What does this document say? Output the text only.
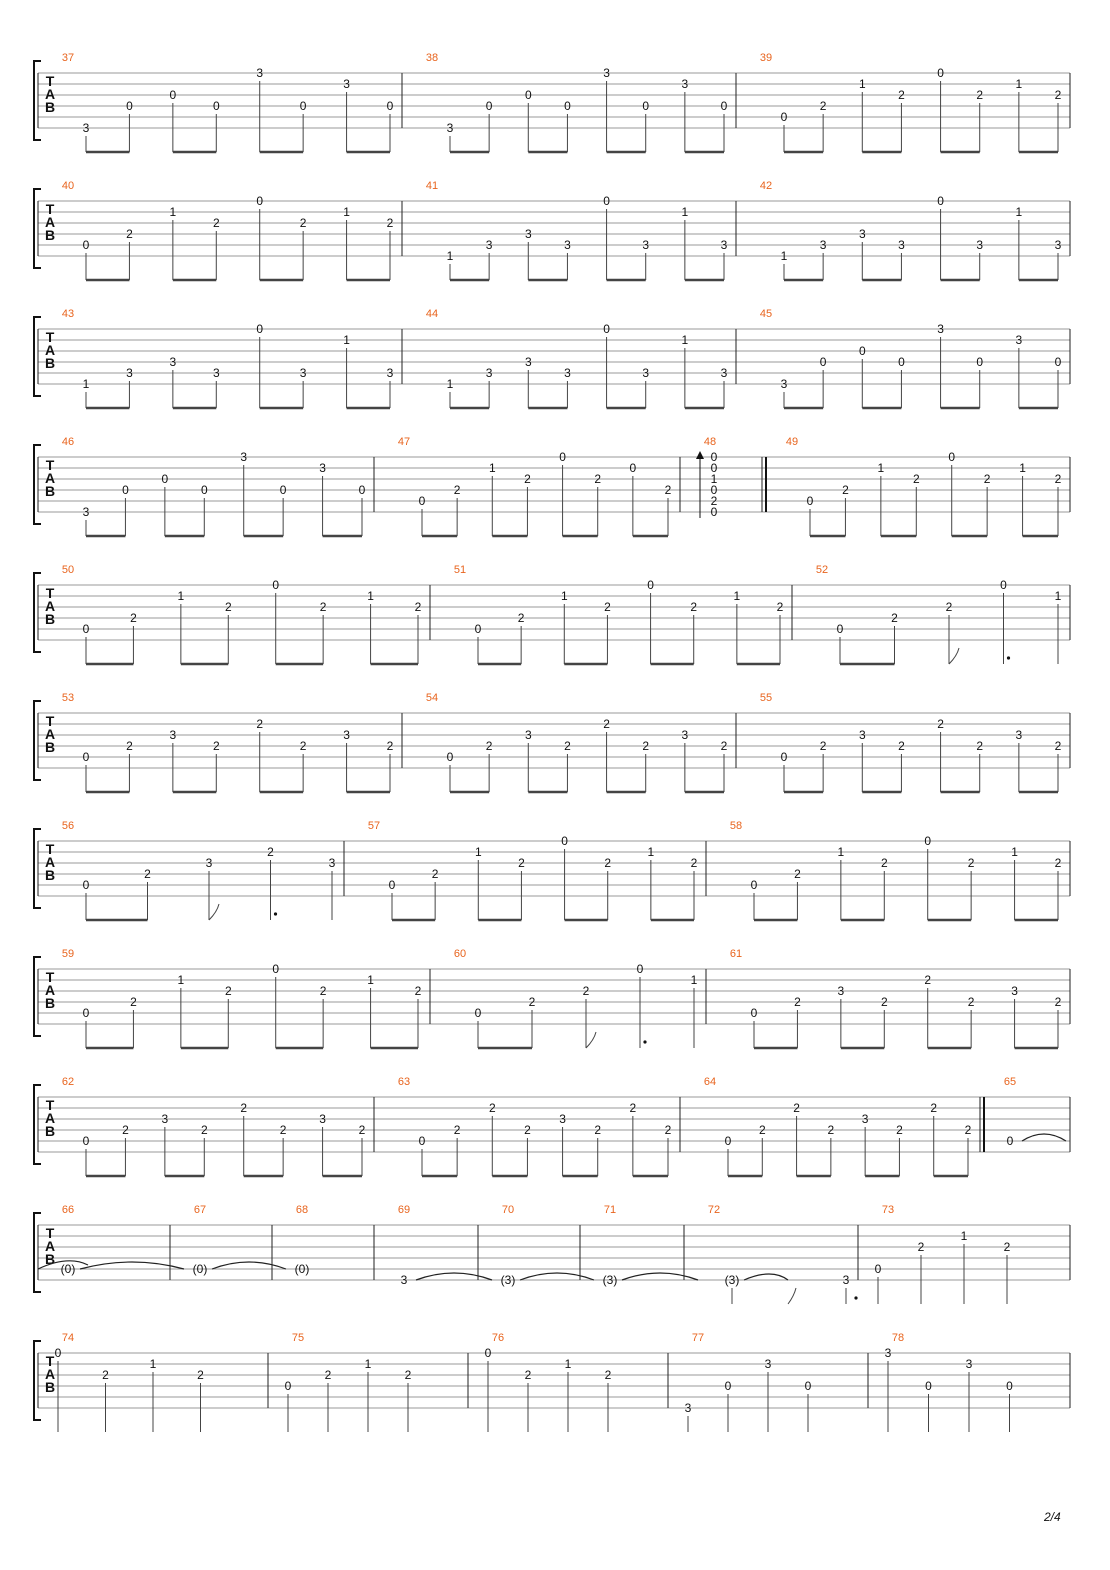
T
A
B
37
3
0
0
0
3
0
3
0
38
3
0
0
0
3
0
3
0
39
0
2
1
2
0
2
1
2
T
A
B
40
0
2
1
2
0
2
1
2
41
1
3
3
3
0
3
1
3
42
1
3
3
3
0
3
1
3
T
A
B
43
1
3
3
3
0
3
1
3
44
1
3
3
3
0
3
1
3
45
3
0
0
0
3
0
3
0
T
A
B
46
3
0
0
0
3
0
3
0
47
0
2
1
2
0
2
0
2
48
0
0
1
0
2
0
49
0
2
1
2
0
2
1
2
T
A
B
50
0
2
1
2
0
2
1
2
51
0
2
1
2
0
2
1
2
52
0
2
2
0
1
T
A
B
53
0
2
3
2
2
2
3
2
54
0
2
3
2
2
2
3
2
55
0
2
3
2
2
2
3
2
T
A
B
56
0
2
3
2
3
57
0
2
1
2
0
2
1
2
58
0
2
1
2
0
2
1
2
T
A
B
59
0
2
1
2
0
2
1
2
60
0
2
2
0
1
61
0
2
3
2
2
2
3
2
T
A
B
62
0
2
3
2
2
2
3
2
63
0
2
2
2
3
2
2
2
64
0
2
2
2
3
2
2
2
65
0
T
A
B
66
(0)
67
(0)
68
(0)
69
3
70
(3)
71
(3)
72
(3)	3
73
0
2
1
2
T
A
B
74
0
2
1
2
75
0
2
1
2
76
0
2
1
2
77
3
0
3
0
78
3
0
3
0
2/4
